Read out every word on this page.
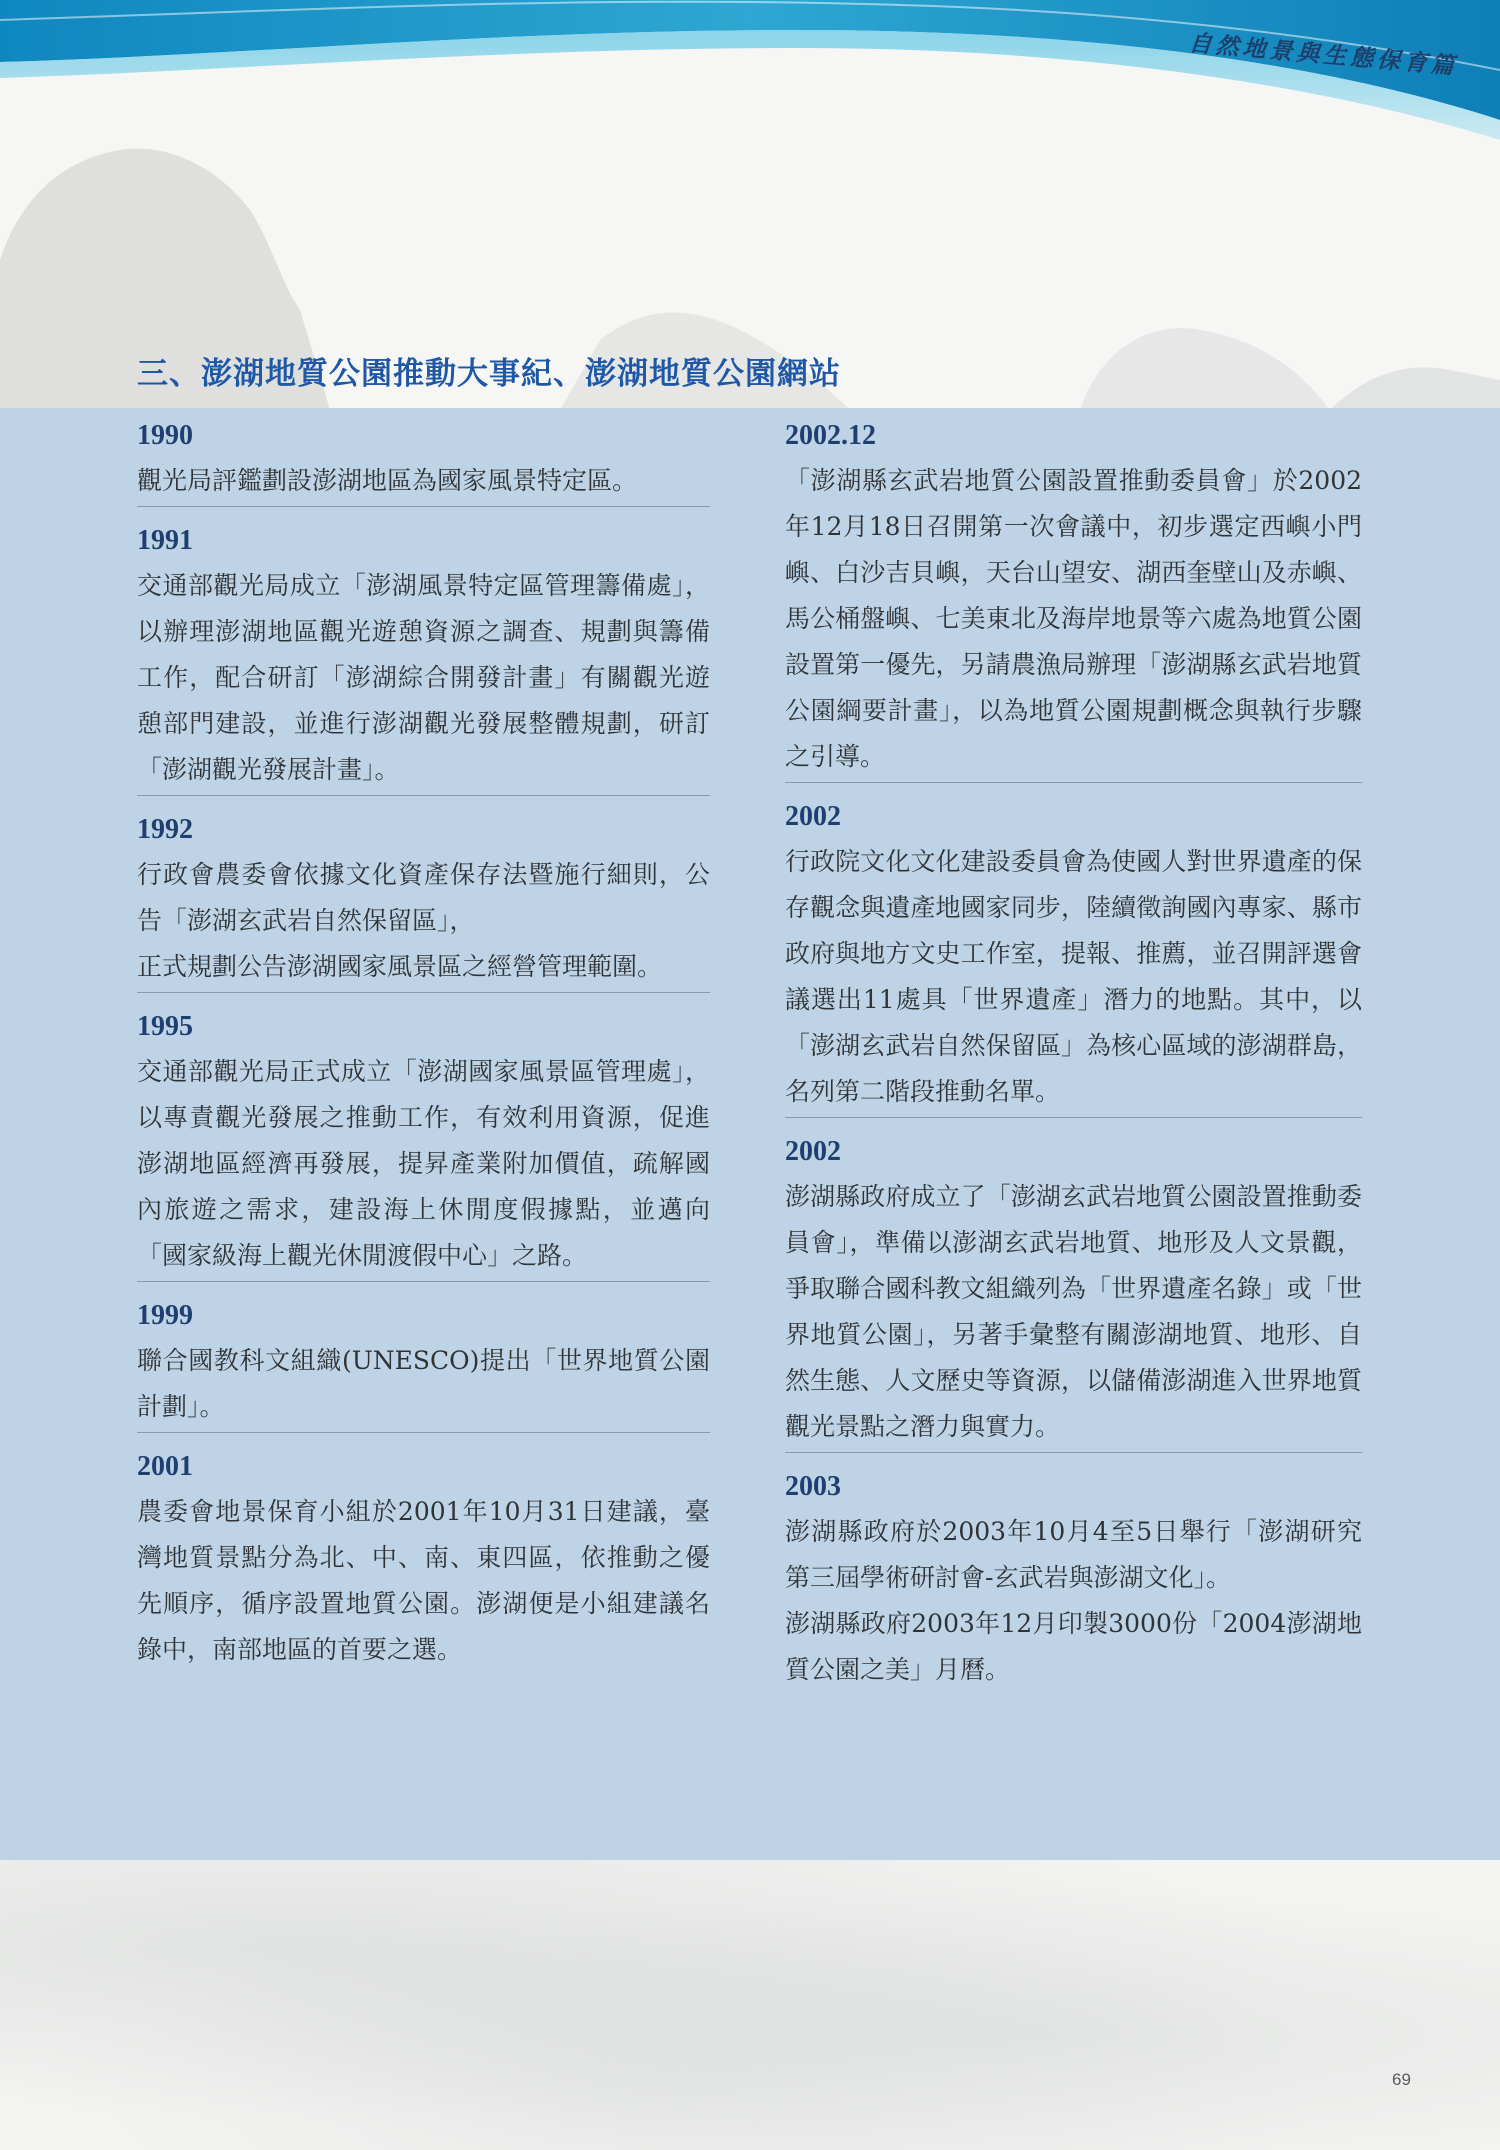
自然地景與生態保育篇
三、澎湖地質公園推動大事紀、澎湖地質公園網站
1990

觀光局評鑑劃設澎湖地區為國家風景特定區。

1991

交通部觀光局成立「澎湖風景特定區管理籌備處」，以辦理澎湖地區觀光遊憩資源之調查、規劃與籌備工作，配合研訂「澎湖綜合開發計畫」有關觀光遊憩部門建設，並進行澎湖觀光發展整體規劃，研訂「澎湖觀光發展計畫」。

1992

行政會農委會依據文化資產保存法暨施行細則，公告「澎湖玄武岩自然保留區」，

正式規劃公告澎湖國家風景區之經營管理範圍。

1995

交通部觀光局正式成立「澎湖國家風景區管理處」，以專責觀光發展之推動工作，有效利用資源，促進澎湖地區經濟再發展，提昇產業附加價值，疏解國內旅遊之需求，建設海上休閒度假據點，並邁向「國家級海上觀光休閒渡假中心」之路。

1999

聯合國教科文組織(UNESCO)提出「世界地質公園計劃」。

2001

農委會地景保育小組於2001年10月31日建議，臺灣地質景點分為北、中、南、東四區，依推動之優先順序，循序設置地質公園。澎湖便是小組建議名錄中，南部地區的首要之選。

2002.12

「澎湖縣玄武岩地質公園設置推動委員會」於2002年12月18日召開第一次會議中，初步選定西嶼小門嶼、白沙吉貝嶼，天台山望安、湖西奎壁山及赤嶼、馬公桶盤嶼、七美東北及海岸地景等六處為地質公園設置第一優先，另請農漁局辦理「澎湖縣玄武岩地質公園綱要計畫」，以為地質公園規劃概念與執行步驟之引導。

2002

行政院文化文化建設委員會為使國人對世界遺產的保存觀念與遺產地國家同步，陸續徵詢國內專家、縣市政府與地方文史工作室，提報、推薦，並召開評選會議選出11處具「世界遺產」潛力的地點。其中，以「澎湖玄武岩自然保留區」為核心區域的澎湖群島，名列第二階段推動名單。

2002

澎湖縣政府成立了「澎湖玄武岩地質公園設置推動委員會」，準備以澎湖玄武岩地質、地形及人文景觀，爭取聯合國科教文組織列為「世界遺產名錄」或「世界地質公園」，另著手彙整有關澎湖地質、地形、自然生態、人文歷史等資源，以儲備澎湖進入世界地質觀光景點之潛力與實力。

2003

澎湖縣政府於2003年10月4至5日舉行「澎湖研究第三屆學術研討會-玄武岩與澎湖文化」。

澎湖縣政府2003年12月印製3000份「2004澎湖地質公園之美」月曆。

69
